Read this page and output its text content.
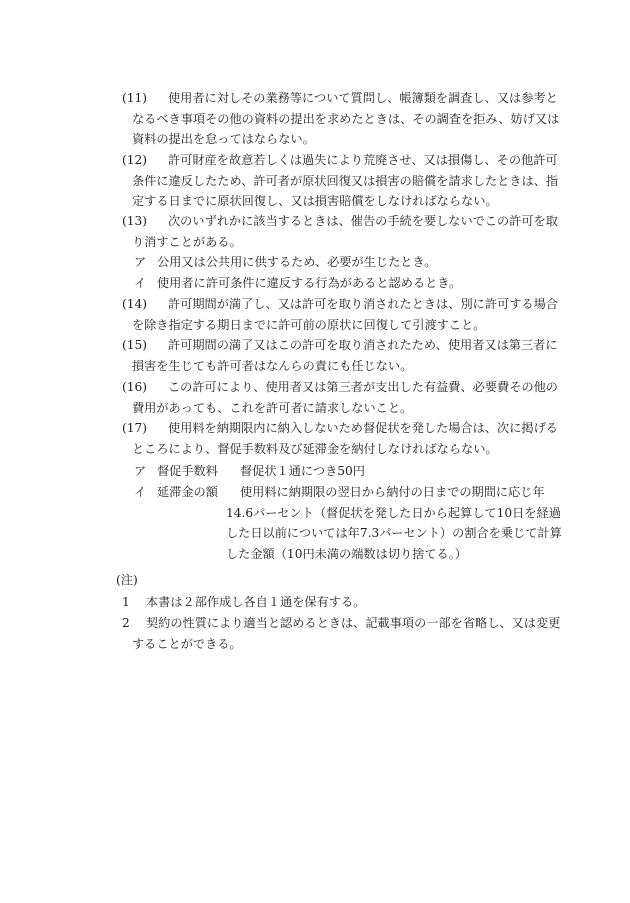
(11)	使用者に対しその業務等について質問し、帳簿類を調査し、又は参考となるべき事項その他の資料の提出を求めたときは、その調査を拒み、妨げ又は資料の提出を怠ってはならない。
(12)	許可財産を故意若しくは過失により荒廃させ、又は損傷し、その他許可条件に違反したため、許可者が原状回復又は損害の賠償を請求したときは、指定する日までに原状回復し、又は損害賠償をしなければならない。
(13)	次のいずれかに該当するときは、催告の手続を要しないでこの許可を取り消すことがある。
ア 公用又は公共用に供するため、必要が生じたとき。
イ 使用者に許可条件に違反する行為があると認めるとき。
(14)	許可期間が満了し、又は許可を取り消されたときは、別に許可する場合を除き指定する期日までに許可前の原状に回復して引渡すこと。
(15)	許可期間の満了又はこの許可を取り消されたため、使用者又は第三者に損害を生じても許可者はなんらの責にも任じない。
(16)	この許可により、使用者又は第三者が支出した有益費、必要費その他の費用があっても、これを許可者に請求しないこと。
(17)	使用料を納期限内に納入しないため督促状を発した場合は、次に掲げるところにより、督促手数料及び延滞金を納付しなければならない。
ア 督促手数料 督促状１通につき50円
イ 延滞金の額	使用料に納期限の翌日から納付の日までの期間に応じ年14.6パーセント（督促状を発した日から起算して10日を経過した日以前については年7.3パーセント）の割合を乗じて計算した金額（10円未満の端数は切り捨てる。）
(注)
1 本書は２部作成し各自１通を保有する。
2	契約の性質により適当と認めるときは、記載事項の一部を省略し、又は変更することができる。
